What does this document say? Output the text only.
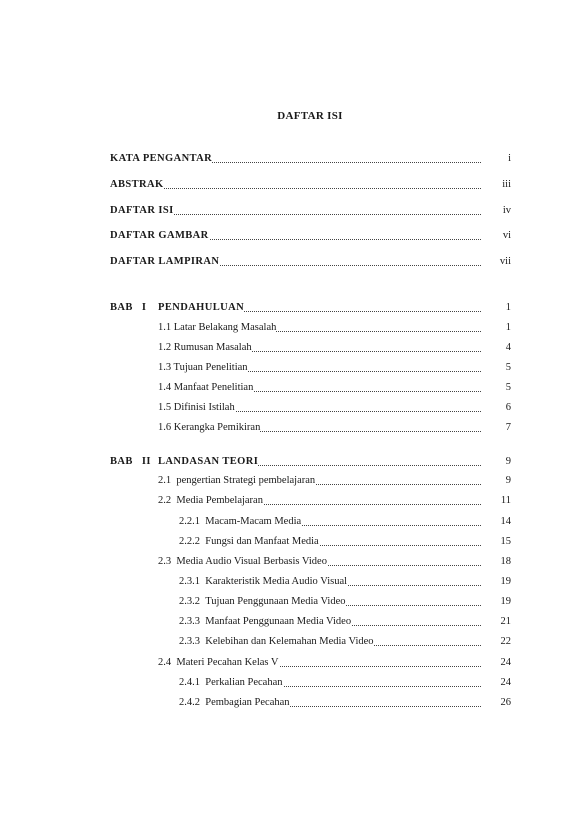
DAFTAR ISI
KATA PENGANTAR	i
ABSTRAK	iii
DAFTAR ISI	iv
DAFTAR GAMBAR	vi
DAFTAR LAMPIRAN	vii
BAB   I PENDAHULUAN	1
1.1 Latar Belakang Masalah	1
1.2 Rumusan Masalah	4
1.3 Tujuan Penelitian	5
1.4 Manfaat Penelitian	5
1.5 Difinisi Istilah	6
1.6 Kerangka Pemikiran	7
BAB   II LANDASAN TEORI	9
2.1  pengertian Strategi pembelajaran	9
2.2  Media Pembelajaran	11
2.2.1  Macam-Macam Media	14
2.2.2  Fungsi dan Manfaat Media	15
2.3  Media Audio Visual Berbasis Video	18
2.3.1  Karakteristik Media Audio Visual	19
2.3.2  Tujuan Penggunaan Media Video	19
2.3.3  Manfaat Penggunaan Media Video	21
2.3.3  Kelebihan dan Kelemahan Media Video	22
2.4  Materi Pecahan Kelas V	24
2.4.1  Perkalian Pecahan	24
2.4.2  Pembagian Pecahan	26
